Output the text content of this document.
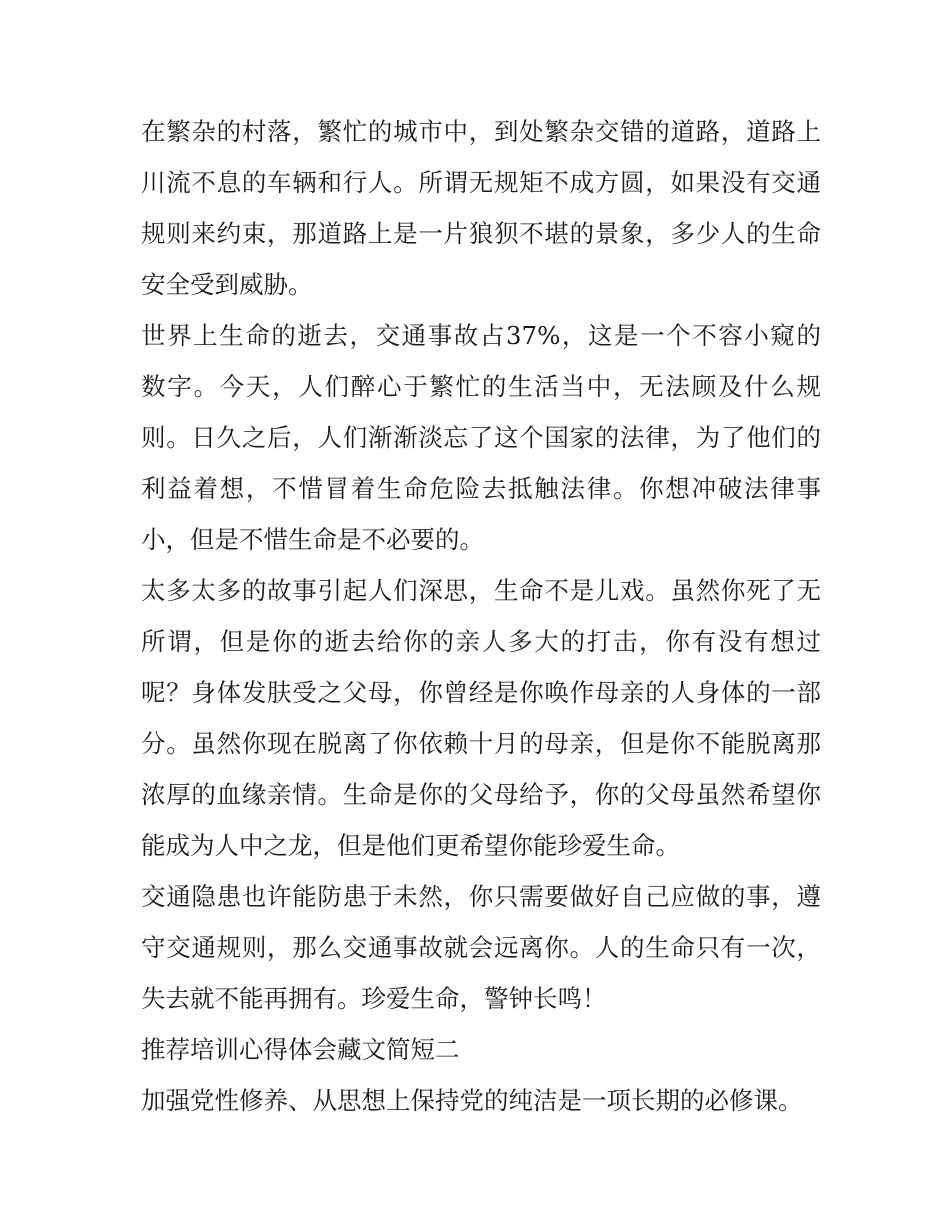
在繁杂的村落，繁忙的城市中，到处繁杂交错的道路，道路上
川流不息的车辆和行人。所谓无规矩不成方圆，如果没有交通
规则来约束，那道路上是一片狼狈不堪的景象，多少人的生命
安全受到威胁。

世界上生命的逝去，交通事故占37%，这是一个不容小窥的
数字。今天，人们醉心于繁忙的生活当中，无法顾及什么规
则。日久之后，人们渐渐淡忘了这个国家的法律，为了他们的
利益着想，不惜冒着生命危险去抵触法律。你想冲破法律事
小，但是不惜生命是不必要的。

太多太多的故事引起人们深思，生命不是儿戏。虽然你死了无
所谓，但是你的逝去给你的亲人多大的打击，你有没有想过
呢？身体发肤受之父母，你曾经是你唤作母亲的人身体的一部
分。虽然你现在脱离了你依赖十月的母亲，但是你不能脱离那
浓厚的血缘亲情。生命是你的父母给予，你的父母虽然希望你
能成为人中之龙，但是他们更希望你能珍爱生命。

交通隐患也许能防患于未然，你只需要做好自己应做的事，遵
守交通规则，那么交通事故就会远离你。人的生命只有一次，
失去就不能再拥有。珍爱生命，警钟长鸣！

推荐培训心得体会藏文简短二

加强党性修养、从思想上保持党的纯洁是一项长期的必修课。
